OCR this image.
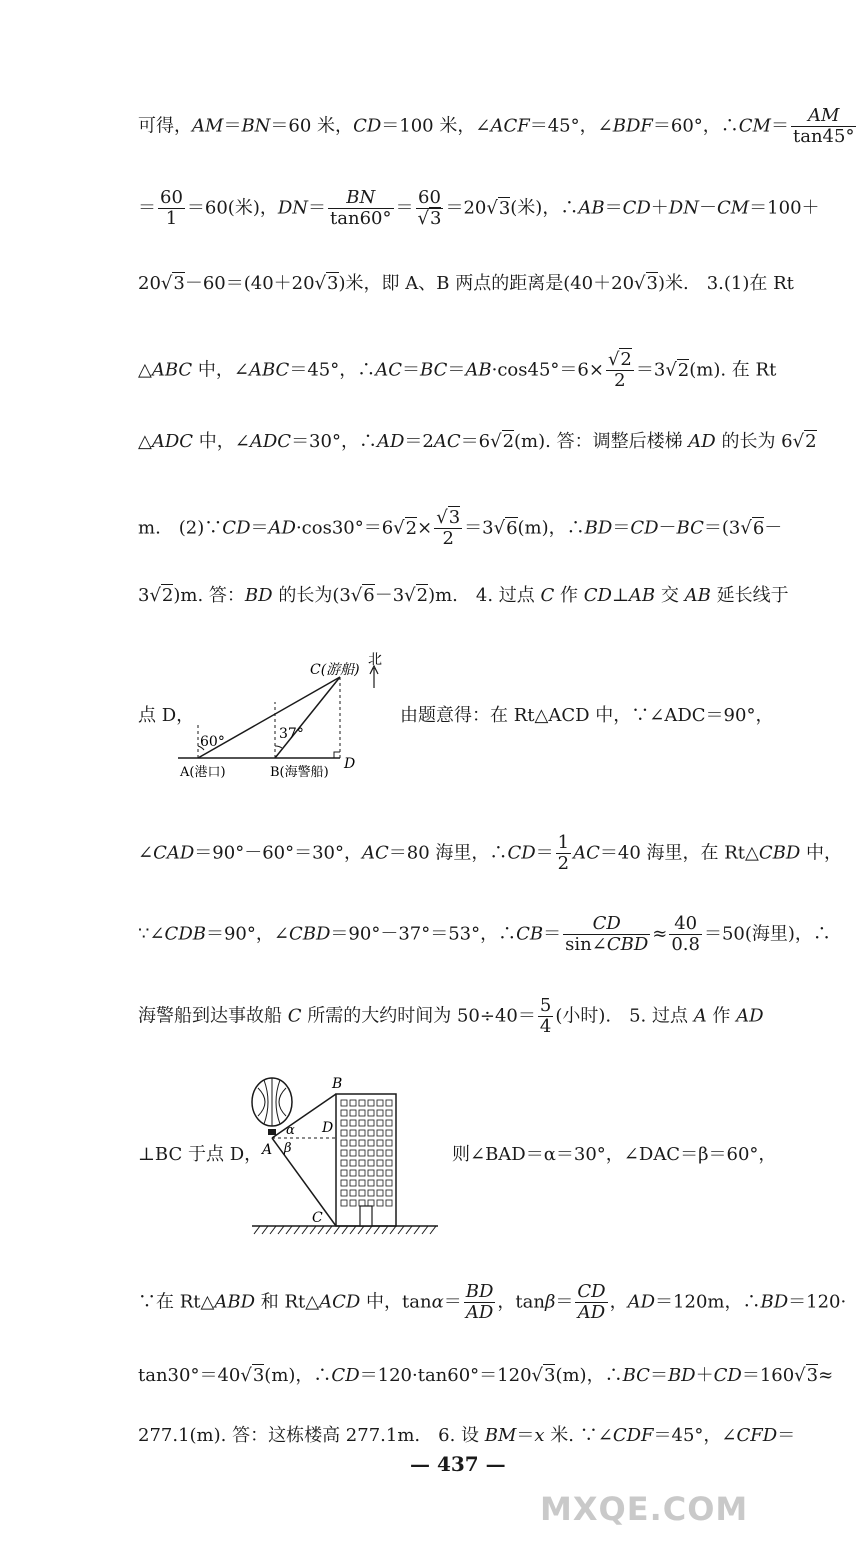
可得，AM＝BN＝60 米，CD＝100 米，∠ACF＝45°，∠BDF＝60°，∴CM＝ $\frac{AM}{\tan 45^\circ}$
＝ $\frac{60}{1} =60$(米)，$DN= \frac{BN}{\tan 60^\circ} = \frac{60}{√3} =20√3$(米)，∴AB＝CD＋DN－CM＝100＋
20√3－60＝(40＋20√3)米，即 A、B 两点的距离是(40＋20√3)米.　3.(1)在 Rt
△ABC 中，∠ABC＝45°，∴AC＝BC＝AB·cos45°＝6× $\frac{√2}{2} =3√2(m)$. 在 Rt
△ADC 中，∠ADC＝30°，∴AD＝2AC＝6√2(m). 答：调整后楼梯 AD 的长为 6√2
m.　(2)∵CD＝AD·cos30°＝6√2× $\frac{√3}{2} =3√6(m)$，∴BD＝CD－BC＝(3√6－
3√2)m. 答：BD 的长为(3√6－3√2)m.　4. 过点 C 作 CD⊥AB 交 AB 延长线于
点 D，
C(游船)
北
60°	37°
A(港口)	B(海警船)
D
由题意得：在 Rt△ACD 中，∵∠ADC＝90°，
∠CAD＝90°－60°＝30°，AC＝80 海里，∴CD＝ $\frac{1}{2} AC=40$ 海里，在 Rt△CBD 中，
∵∠CDB＝90°，∠CBD＝90°－37°＝53°，∴CB＝ $\frac{CD}{\text{sin∠CBD}} \approx \frac{40}{0.8} =50$(海里)，∴
海警船到达事故船 C 所需的大约时间为 $50\div 40= \frac{5}{4}$ (小时).　5. 过点 A 作 AD
⊥BC 于点 D，
B
A
D
C
α
β	则∠BAD＝α＝30°，∠DAC＝β＝60°，
∵在 Rt△ABD 和 Rt△ACD 中，$\tan\alpha= \frac{BD}{AD}$ ，$\tan\beta= \frac{CD}{AD}$ ，AD＝120m，∴BD＝120·
tan30°＝40√3(m)，∴CD＝120·tan60°＝120√3(m)，∴BC＝BD＋CD＝160√3≈
277.1(m). 答：这栋楼高 277.1m.　6. 设 BM＝x 米. ∵∠CDF＝45°，∠CFD＝
— 437 —
MXQE.COM
